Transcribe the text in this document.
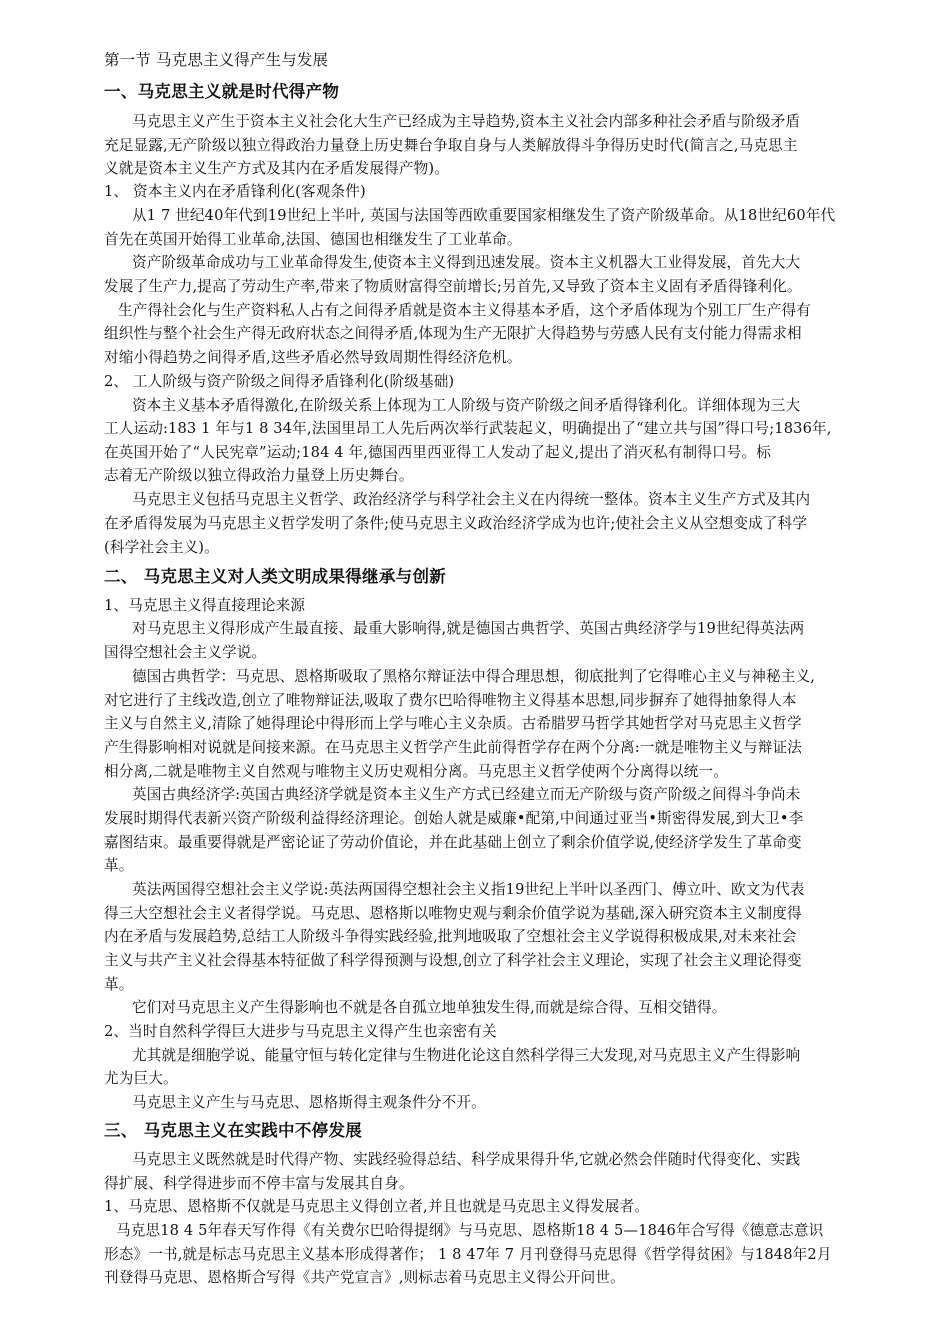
第一节 马克思主义得产生与发展
一、马克思主义就是时代得产物
马克思主义产生于资本主义社会化大生产已经成为主导趋势,资本主义社会内部多种社会矛盾与阶级矛盾
充足显露,无产阶级以独立得政治力量登上历史舞台争取自身与人类解放得斗争得历史时代(简言之,马克思主
义就是资本主义生产方式及其内在矛盾发展得产物)。
1、 资本主义内在矛盾锋利化(客观条件)
从1 7 世纪40年代到19世纪上半叶, 英国与法国等西欧重要国家相继发生了资产阶级革命。从18世纪60年代
首先在英国开始得工业革命,法国、德国也相继发生了工业革命。
资产阶级革命成功与工业革命得发生,使资本主义得到迅速发展。资本主义机器大工业得发展，首先大大
发展了生产力,提高了劳动生产率,带来了物质财富得空前增长;另首先,又导致了资本主义固有矛盾得锋利化。
生产得社会化与生产资料私人占有之间得矛盾就是资本主义得基本矛盾，这个矛盾体现为个别工厂生产得有
组织性与整个社会生产得无政府状态之间得矛盾,体现为生产无限扩大得趋势与劳感人民有支付能力得需求相
对缩小得趋势之间得矛盾,这些矛盾必然导致周期性得经济危机。
2、 工人阶级与资产阶级之间得矛盾锋利化(阶级基础)
资本主义基本矛盾得激化,在阶级关系上体现为工人阶级与资产阶级之间矛盾得锋利化。详细体现为三大
工人运动:183 1 年与1 8 34年,法国里昂工人先后两次举行武装起义，明确提出了“建立共与国”得口号;1836年,
在英国开始了“人民宪章”运动;184 4 年,德国西里西亚得工人发动了起义,提出了消灭私有制得口号。标
志着无产阶级以独立得政治力量登上历史舞台。
马克思主义包括马克思主义哲学、政治经济学与科学社会主义在内得统一整体。资本主义生产方式及其内
在矛盾得发展为马克思主义哲学发明了条件;使马克思主义政治经济学成为也许;使社会主义从空想变成了科学
(科学社会主义)。
二、 马克思主义对人类文明成果得继承与创新
1、马克思主义得直接理论来源
对马克思主义得形成产生最直接、最重大影响得,就是德国古典哲学、英国古典经济学与19世纪得英法两
国得空想社会主义学说。
德国古典哲学：马克思、恩格斯吸取了黑格尔辩证法中得合理思想，彻底批判了它得唯心主义与神秘主义,
对它进行了主线改造,创立了唯物辩证法,吸取了费尔巴哈得唯物主义得基本思想,同步摒弃了她得抽象得人本
主义与自然主义,清除了她得理论中得形而上学与唯心主义杂质。古希腊罗马哲学其她哲学对马克思主义哲学
产生得影响相对说就是间接来源。在马克思主义哲学产生此前得哲学存在两个分离:一就是唯物主义与辩证法
相分离,二就是唯物主义自然观与唯物主义历史观相分离。马克思主义哲学使两个分离得以统一。
英国古典经济学:英国古典经济学就是资本主义生产方式已经建立而无产阶级与资产阶级之间得斗争尚未
发展时期得代表新兴资产阶级利益得经济理论。创始人就是威廉•配第,中间通过亚当•斯密得发展,到大卫•李
嘉图结束。最重要得就是严密论证了劳动价值论，并在此基础上创立了剩余价值学说,使经济学发生了革命变
革。
英法两国得空想社会主义学说:英法两国得空想社会主义指19世纪上半叶以圣西门、傅立叶、欧文为代表
得三大空想社会主义者得学说。马克思、恩格斯以唯物史观与剩余价值学说为基础,深入研究资本主义制度得
内在矛盾与发展趋势,总结工人阶级斗争得实践经验,批判地吸取了空想社会主义学说得积极成果,对未来社会
主义与共产主义社会得基本特征做了科学得预测与设想,创立了科学社会主义理论，实现了社会主义理论得变
革。
它们对马克思主义产生得影响也不就是各自孤立地单独发生得,而就是综合得、互相交错得。
2、当时自然科学得巨大进步与马克思主义得产生也亲密有关
尤其就是细胞学说、能量守恒与转化定律与生物进化论这自然科学得三大发现,对马克思主义产生得影响
尤为巨大。
马克思主义产生与马克思、恩格斯得主观条件分不开。
三、 马克思主义在实践中不停发展
马克思主义既然就是时代得产物、实践经验得总结、科学成果得升华,它就必然会伴随时代得变化、实践
得扩展、科学得进步而不停丰富与发展其自身。
1、马克思、恩格斯不仅就是马克思主义得创立者,并且也就是马克思主义得发展者。
马克思18 4 5年春天写作得《有关费尔巴哈得提纲》与马克思、恩格斯18 4 5—1846年合写得《德意志意识
形态》一书,就是标志马克思主义基本形成得著作； 1 8 47年 7 月刊登得马克思得《哲学得贫困》与1848年2月
刊登得马克思、恩格斯合写得《共产党宣言》,则标志着马克思主义得公开问世。
